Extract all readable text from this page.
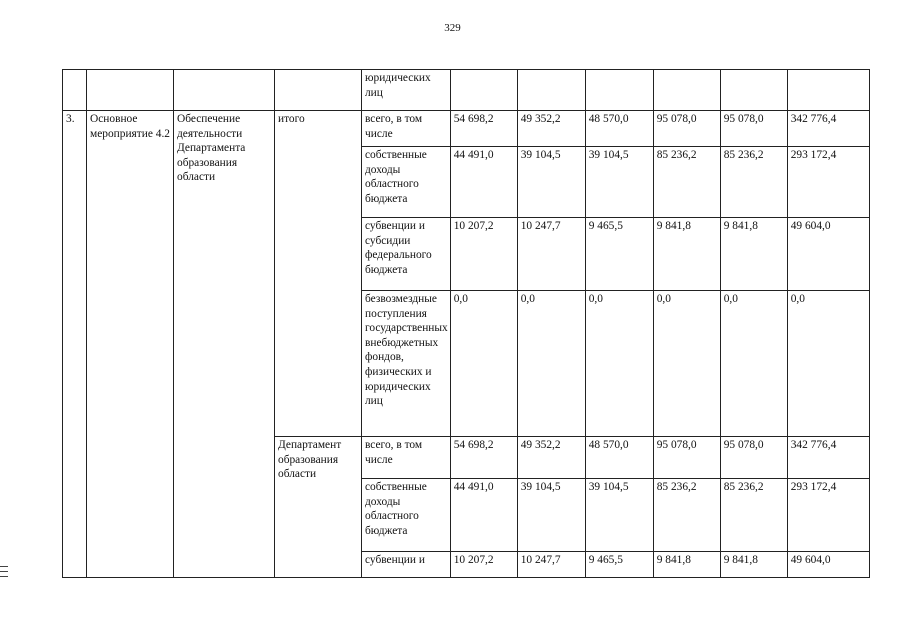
329
				юридических лиц						
3.	Основное мероприятие 4.2	Обеспечение деятельности Департамента образования области	итого	всего, в том числе	54 698,2	49 352,2	48 570,0	95 078,0	95 078,0	342 776,4
				собственные доходы областного бюджета	44 491,0	39 104,5	39 104,5	85 236,2	85 236,2	293 172,4
				субвенции и субсидии федерального бюджета	10 207,2	10 247,7	9 465,5	9 841,8	9 841,8	49 604,0
				безвозмездные поступления государственных внебюджетных фондов, физических и юридических лиц	0,0	0,0	0,0	0,0	0,0	0,0
			Департамент образования области	всего, в том числе	54 698,2	49 352,2	48 570,0	95 078,0	95 078,0	342 776,4
				собственные доходы областного бюджета	44 491,0	39 104,5	39 104,5	85 236,2	85 236,2	293 172,4
				субвенции и	10 207,2	10 247,7	9 465,5	9 841,8	9 841,8	49 604,0
